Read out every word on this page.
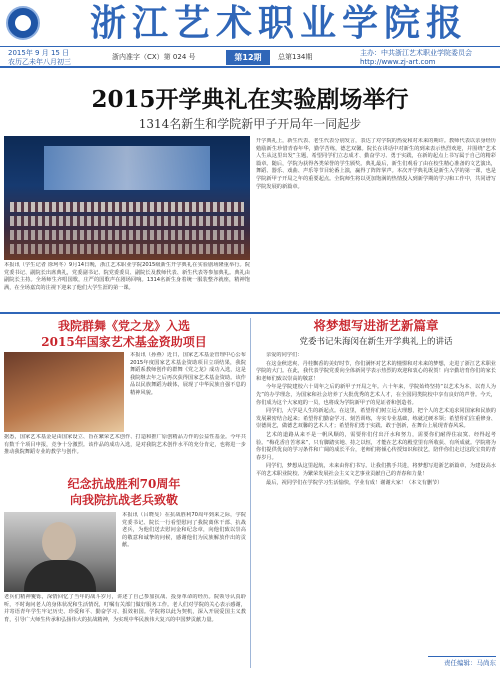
浙江艺术职业学院报
2015年 9 月 15 日
农历乙未年八月初三
浙内准字（CX）第 024 号	第12期	总第134期	主办：中共浙江艺术职业学院委员会
http://www.zj-art.com
2015开学典礼在实验剧场举行
1314名新生和学院新甲子开局年一同起步
本报讯（学生记者 徐珂冬）9月14日晚，浙江艺术职业学院2015级新生开学典礼在实验剧场隆重举行。院党委书记、副院长出席典礼，党委副书记、院党委委员、副院长及教师代表、新生代表等参加典礼。典礼由副院长主持。全场师生齐唱国歌，庄严的国歌声在剧场回响。1314名新生身着统一服装整齐就座，精神饱满，在全场嘉宾的注视下迎来了他们大学生涯的第一课。
开学典礼上，新生代表、老生代表分别发言，表达了对学院的热爱和对未来的期许。教师代表以亲身经历勉励新生珍惜青春年华，勤学苦练，德艺双馨。院长在讲话中对新生的到来表示热烈欢迎，并围绕“艺术人生从这里出发”主题，希望同学们立志成才、勤奋学习、勇于实践，在新的起点上书写属于自己的精彩篇章。随后，学院为获得各类荣誉的学生颁奖。典礼最后，新生们观看了由在校生精心准备的文艺演出，舞蹈、器乐、戏曲、声乐等节目轮番上演，赢得了阵阵掌声。本次开学典礼既是新生入学的第一课，也是学院新甲子开局之年的重要起点。全院师生将以更加饱满的热情投入到新学期的学习和工作中，共同谱写学院发展的新篇章。
我院群舞《党之龙》入选
2015年国家艺术基金资助项目
本报讯（孙燕）近日，国家艺术基金管理中心公布2015年度国家艺术基金资助项目立项结果，我院舞蹈系教师创作的群舞《党之龙》成功入选，这是我院继去年之后再次获得国家艺术基金资助。该作品以民族舞蹈为载体，展现了中华民族自强不息的精神风貌。
据悉，国家艺术基金是由国家设立、旨在繁荣艺术创作、打造和推广原创精品力作的公益性基金。今年共有数千个项目申报，竞争十分激烈。该作品的成功入选，是对我院艺术创作水平的充分肯定，也将进一步推动我院舞蹈专业的教学与创作。
纪念抗战胜利70周年
向我院抗战老兵致敬
本报讯（吕晓旻）在抗战胜利70周年到来之际，学院党委书记、院长一行看望慰问了我院离休干部、抗战老兵，为他们送去慰问金和纪念章，向他们致以崇高的敬意和诚挚的问候，感谢他们为民族解放作出的贡献。
老兵们精神矍铄，深情回忆了当年的战斗岁月，讲述了自己参加抗战、投身革命的经历。院领导认真聆听，不时询问老人的身体状况和生活情况，叮嘱有关部门做好服务工作。老人们对学院的关心表示感谢，并寄语青年学生牢记历史、珍爱和平、勤奋学习、报效祖国。学院将以此为契机，深入开展爱国主义教育，引导广大师生传承和弘扬伟大的抗战精神，为实现中华民族伟大复兴的中国梦贡献力量。
将梦想写进浙艺新篇章
党委书记朱海闵在新生开学典礼上的讲话

亲爱的同学们：

在这金秋送爽、丹桂飘香的美好时节，你们满怀对艺术的憧憬和对未来的梦想，走进了浙江艺术职业学院的大门。在此，我代表学院党委向全体新同学表示热烈的欢迎和衷心的祝贺！向辛勤培育你们的家长和老师们致以崇高的敬意！

今年是学院建校六十周年之后的新甲子开局之年。六十年来，学院始终坚持“以艺术为本、以育人为先”的办学理念，为国家和社会培养了大批优秀的艺术人才，在全国同类院校中享有良好的声誉。今天，你们成为这个大家庭的一员，也将成为学院新甲子的见证者和创造者。

同学们，大学是人生的新起点。在这里，希望你们树立远大理想，把个人的艺术追求同国家和民族的发展紧密结合起来；希望你们勤奋学习、刻苦训练，夯实专业基础，练就过硬本领；希望你们注重修身、崇德尚艺，做德艺双馨的艺术人才；希望你们勇于实践、敢于创新，在舞台上展现青春风采。

艺术的道路从来不是一帆风顺的，需要你们付出汗水和努力，需要你们耐得住寂寞、经得起考验。“梅花香自苦寒来”，只有脚踏实地、持之以恒，才能在艺术的殿堂里有所收获、有所成就。学院将为你们提供优良的学习条件和广阔的成长平台，老师们将倾心传授知识和技艺，陪伴你们走过这段宝贵的青春岁月。

同学们，梦想从这里起航，未来由你们书写。让我们携手共进，将梦想写进浙艺新篇章，为建设高水平的艺术职业院校、为繁荣发展社会主义文艺事业贡献自己的青春和力量！

最后，祝同学们在学院学习生活愉快，学业有成！谢谢大家！（本文有删节）

责任编辑：马尚东
